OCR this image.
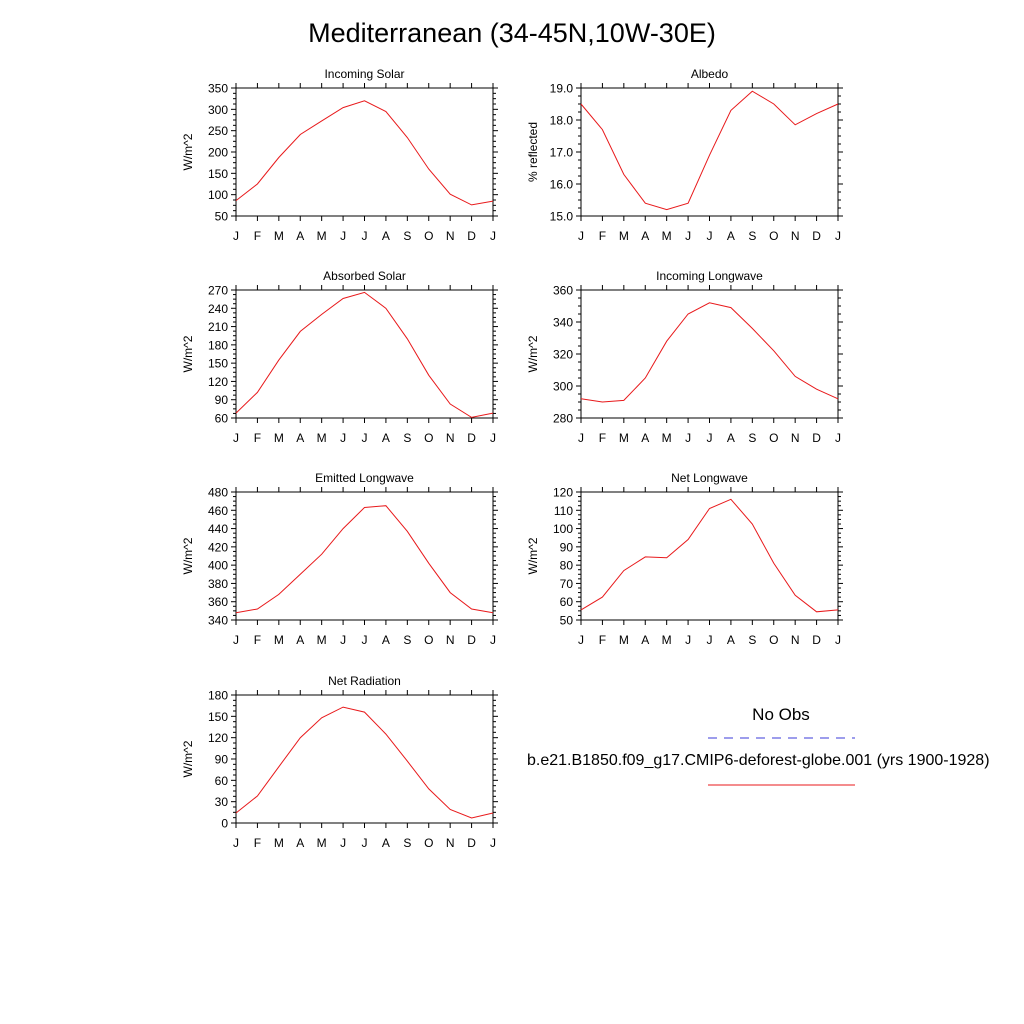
Mediterranean (34-45N,10W-30E)
Incoming Solar
W/m^2
50
100
150
200
250
300
350
J F M A M J J A S O N D J
Albedo
% reflected
15.0
16.0
17.0
18.0
19.0
J F M A M J J A S O N D J
Absorbed Solar
W/m^2
60
90
120
150
180
210
240
270
J F M A M J J A S O N D J
Incoming Longwave
W/m^2
280
300
320
340
360
J F M A M J J A S O N D J
Emitted Longwave
W/m^2
340
360
380
400
420
440
460
480
J F M A M J J A S O N D J
Net Longwave
W/m^2
50
60
70
80
90
100
110
120
J F M A M J J A S O N D J
Net Radiation
W/m^2
0
30
60
90
120
150
180
J F M A M J J A S O N D J
No Obs
b.e21.B1850.f09_g17.CMIP6-deforest-globe.001 (yrs 1900-1928)
